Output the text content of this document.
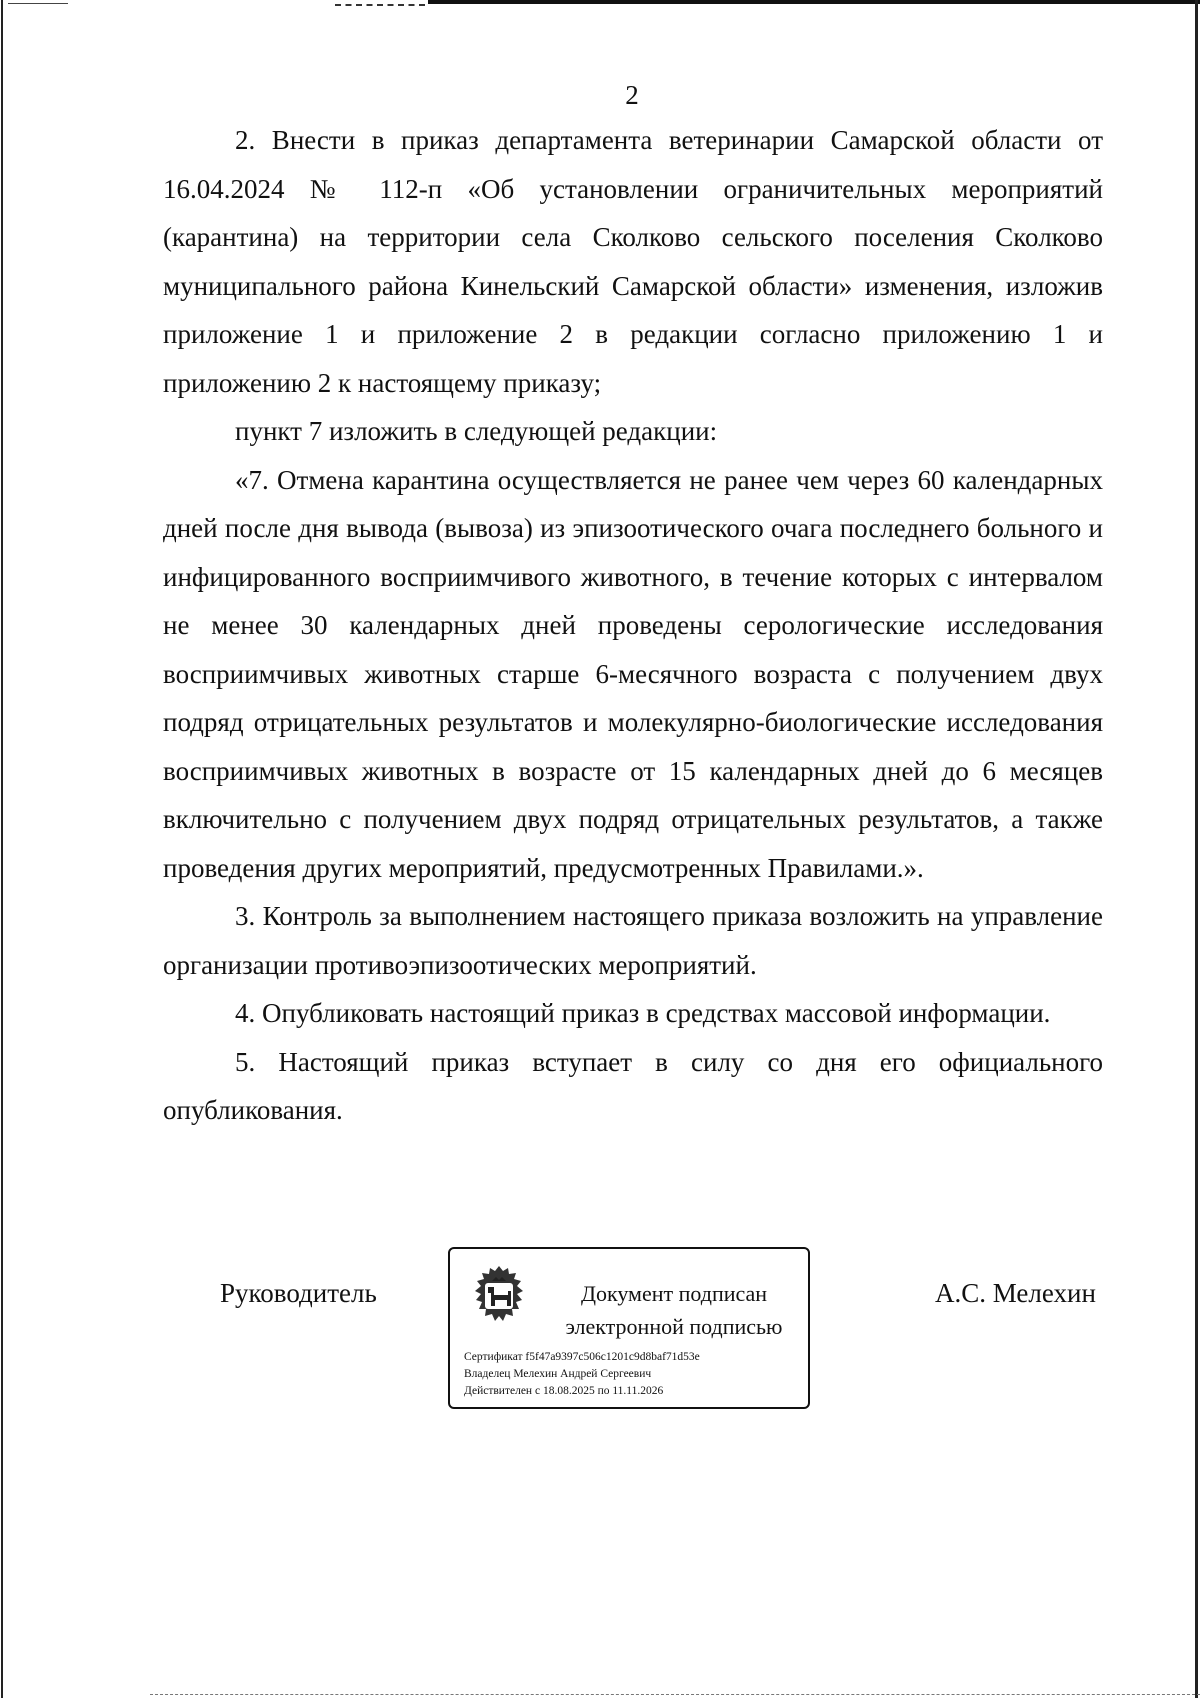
2

2. Внести в приказ департамента ветеринарии Самарской области от 16.04.2024 № 112-п «Об установлении ограничительных мероприятий (карантина) на территории села Сколково сельского поселения Сколково муниципального района Кинельский Самарской области» изменения, изложив приложение 1 и приложение 2 в редакции согласно приложению 1 и приложению 2 к настоящему приказу;

пункт 7 изложить в следующей редакции:

«7. Отмена карантина осуществляется не ранее чем через 60 календарных дней после дня вывода (вывоза) из эпизоотического очага последнего больного и инфицированного восприимчивого животного, в течение которых с интервалом не менее 30 календарных дней проведены серологические исследования восприимчивых животных старше 6-месячного возраста с получением двух подряд отрицательных результатов и молекулярно-биологические исследования восприимчивых животных в возрасте от 15 календарных дней до 6 месяцев включительно с получением двух подряд отрицательных результатов, а также проведения других мероприятий, предусмотренных Правилами.».

3. Контроль за выполнением настоящего приказа возложить на управление организации противоэпизоотических мероприятий.

4. Опубликовать настоящий приказ в средствах массовой информации.

5. Настоящий приказ вступает в силу со дня его официального опубликования.

Руководитель	Документ подписан
электронной подписью
Сертификат f5f47a9397c506c1201c9d8baf71d53e
Владелец Мелехин Андрей Сергеевич
Действителен с 18.08.2025 по 11.11.2026
А.С. Мелехин
